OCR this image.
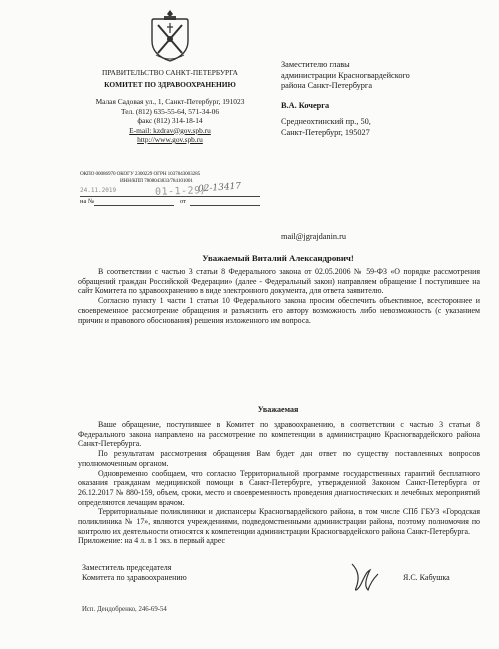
ПРАВИТЕЛЬСТВО САНКТ-ПЕТЕРБУРГА
КОМИТЕТ ПО ЗДРАВООХРАНЕНИЮ
Малая Садовая ул., 1, Санкт-Петербург, 191023
Тел. (812) 635-55-64, 571-34-06
факс (812) 314-18-14
E-mail: kzdrav@gov.spb.ru
http://www.gov.spb.ru
ОКПО 00086970 ОКОГУ 2300229 ОГРН 1037843003285
ИНН/КПП 7808043833/784101001
24.11.2019	01-1-29/
02-13417
на №	от
Заместителю главы
администрации Красногвардейского
района Санкт-Петербурга
В.А. Кочерга
Среднеохтинский пр., 50,
Санкт-Петербург, 195027
mail@jgrajdanin.ru
Уважаемый Виталий Александрович!

В соответствии с частью 3 статьи 8 Федерального закона от 02.05.2006 № 59-ФЗ «О порядке рассмотрения обращений граждан Российской Федерации» (далее - Федеральный закон) направляем обращение І поступившее на сайт Комитета по здравоохранению в виде электронного документа, для ответа заявителю.

Согласно пункту 1 части 1 статьи 10 Федерального закона просим обеспечить объективное, всестороннее и своевременное рассмотрение обращения и разъяснить его автору возможность либо невозможность (с указанием причин и правового обоснования) решения изложенного им вопроса.

Уважаемая

Ваше обращение, поступившее в Комитет по здравоохранению, в соответствии с частью 3 статьи 8 Федерального закона направлено на рассмотрение по компетенции в администрацию Красногвардейского района Санкт-Петербурга.

По результатам рассмотрения обращения Вам будет дан ответ по существу поставленных вопросов уполномоченным органом.

Одновременно сообщаем, что согласно Территориальной программе государственных гарантий бесплатного оказания гражданам медицинской помощи в Санкт-Петербурге, утвержденной Законом Санкт-Петербурга от 26.12.2017 № 880-159, объем, сроки, место и своевременность проведения диагностических и лечебных мероприятий определяются лечащим врачом.

Территориальные поликлиники и диспансеры Красногвардейского района, в том числе СПб ГБУЗ «Городская поликлиника № 17», являются учреждениями, подведомственными администрации района, поэтому полномочия по контролю их деятельности относятся к компетенции администрации Красногвардейского района Санкт-Петербурга.

Приложение: на 4 л. в 1 экз. в первый адрес

Заместитель председателя
Комитета по здравоохранению	Я.С. Кабушка
Исп. Дендобренко, 246-69-54
